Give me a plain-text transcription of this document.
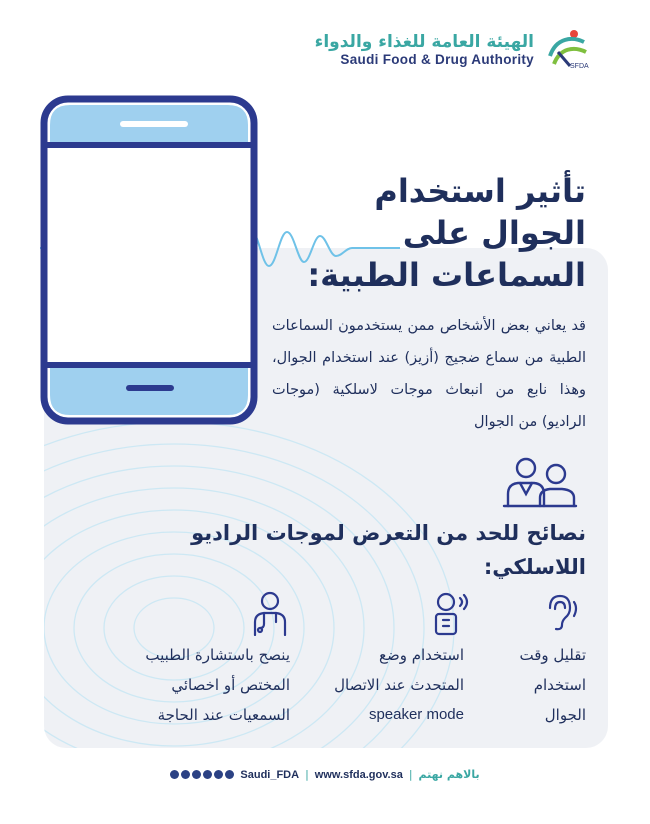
الهيئة العامة للغذاء والدواء
Saudi Food & Drug Authority	SFDA
تأثير استخدام
الجوال على
السماعات الطبية:

قد يعاني بعض الأشخاص ممن يستخدمون السماعات الطبية من سماع ضجيج (أزيز) عند استخدام الجوال، وهذا نابع من انبعاث موجات لاسلكية (موجات الراديو) من الجوال

نصائح للحد من التعرض لموجات الراديو
اللاسلكي:
تقليل وقت
استخدام
الجوال
استخدام وضع
المتحدث عند الاتصال
speaker mode
ينصح باستشارة الطبيب
المختص أو اخصائي
السمعيات عند الحاجة
Saudi_FDA | www.sfda.gov.sa | بالاهم نهتم
